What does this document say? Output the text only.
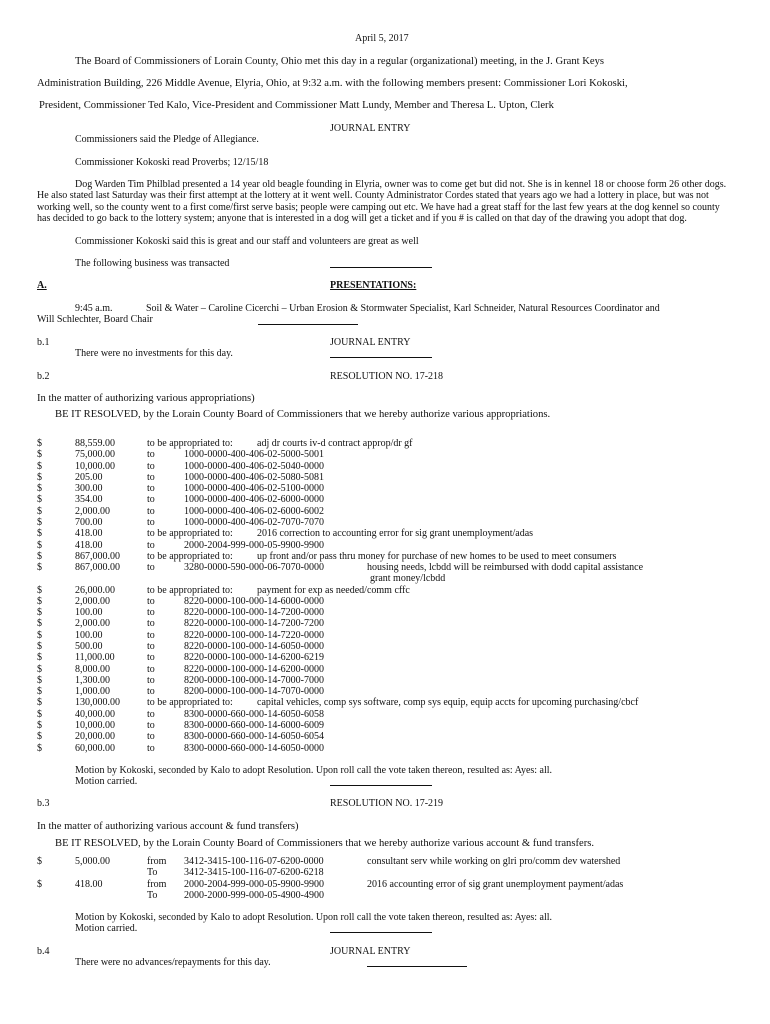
April 5, 2017
The Board of Commissioners of Lorain County, Ohio met this day in a regular (organizational) meeting, in the J. Grant Keys
Administration Building, 226 Middle Avenue, Elyria, Ohio, at 9:32 a.m. with the following members present: Commissioner Lori Kokoski,
President, Commissioner Ted Kalo, Vice-President and Commissioner Matt Lundy, Member and Theresa L. Upton, Clerk
JOURNAL ENTRY
Commissioners said the Pledge of Allegiance.
Commissioner Kokoski read Proverbs; 12/15/18
Dog Warden Tim Philblad presented a 14 year old beagle founding in Elyria, owner was to come get but did not. She is in kennel 18 or choose form 26 other dogs. He also stated last Saturday was their first attempt at the lottery at it went well. County Administrator Cordes stated that years ago we had a lottery in place, but was not working well, so the county went to a first come/first serve basis; people were camping out etc. We have had a great staff for the last few years at the dog kennel so county has decided to go back to the lottery system; anyone that is interested in a dog will get a ticket and if you # is called on that day of the drawing you adopt that dog.
Commissioner Kokoski said this is great and our staff and volunteers are great as well
The following business was transacted
A.	PRESENTATIONS:
9:45 a.m.	Soil & Water – Caroline Cicerchi – Urban Erosion & Stormwater Specialist, Karl Schneider, Natural Resources Coordinator and
Will Schlechter, Board Chair
b.1	JOURNAL ENTRY
There were no investments for this day.
b.2	RESOLUTION NO. 17-218
In the matter of authorizing various appropriations)
BE IT RESOLVED, by the Lorain County Board of Commissioners that we hereby authorize various appropriations.
$	88,559.00	to be appropriated to: adj dr courts iv-d contract approp/dr gf
$	75,000.00	to	1000-0000-400-406-02-5000-5001
$	10,000.00	to	1000-0000-400-406-02-5040-0000
$	205.00	to	1000-0000-400-406-02-5080-5081
$	300.00	to	1000-0000-400-406-02-5100-0000
$	354.00	to	1000-0000-400-406-02-6000-0000
$	2,000.00	to	1000-0000-400-406-02-6000-6002
$	700.00	to	1000-0000-400-406-02-7070-7070
$	418.00	to be appropriated to: 2016 correction to accounting error for sig grant unemployment/adas
$	418.00	to	2000-2004-999-000-05-9900-9900
$	867,000.00	to be appropriated to: up front and/or pass thru money for purchase of new homes to be used to meet consumers
$	867,000.00	to	3280-0000-590-000-06-7070-0000	housing needs, lcbdd will be reimbursed with dodd capital assistance
grant money/lcbdd
$	26,000.00	to be appropriated to: payment for exp as needed/comm cffc
$	2,000.00	to	8220-0000-100-000-14-6000-0000
$	100.00	to	8220-0000-100-000-14-7200-0000
$	2,000.00	to	8220-0000-100-000-14-7200-7200
$	100.00	to	8220-0000-100-000-14-7220-0000
$	500.00	to	8220-0000-100-000-14-6050-0000
$	11,000.00	to	8220-0000-100-000-14-6200-6219
$	8,000.00	to	8220-0000-100-000-14-6200-0000
$	1,300.00	to	8200-0000-100-000-14-7000-7000
$	1,000.00	to	8200-0000-100-000-14-7070-0000
$	130,000.00	to be appropriated to: capital vehicles, comp sys software, comp sys equip, equip accts for upcoming purchasing/cbcf
$	40,000.00	to	8300-0000-660-000-14-6050-6058
$	10,000.00	to	8300-0000-660-000-14-6000-6009
$	20,000.00	to	8300-0000-660-000-14-6050-6054
$	60,000.00	to	8300-0000-660-000-14-6050-0000
Motion by Kokoski, seconded by Kalo to adopt Resolution. Upon roll call the vote taken thereon, resulted as: Ayes: all.
Motion carried.
b.3	RESOLUTION NO. 17-219
In the matter of authorizing various account & fund transfers)
BE IT RESOLVED, by the Lorain County Board of Commissioners that we hereby authorize various account & fund transfers.
$	5,000.00	from 3412-3415-100-116-07-6200-0000	consultant serv while working on glri pro/comm dev watershed
To	3412-3415-100-116-07-6200-6218
$	418.00	from 2000-2004-999-000-05-9900-9900	2016 accounting error of sig grant unemployment payment/adas
To	2000-2000-999-000-05-4900-4900
Motion by Kokoski, seconded by Kalo to adopt Resolution. Upon roll call the vote taken thereon, resulted as: Ayes: all.
Motion carried.
b.4	JOURNAL ENTRY
There were no advances/repayments for this day.
